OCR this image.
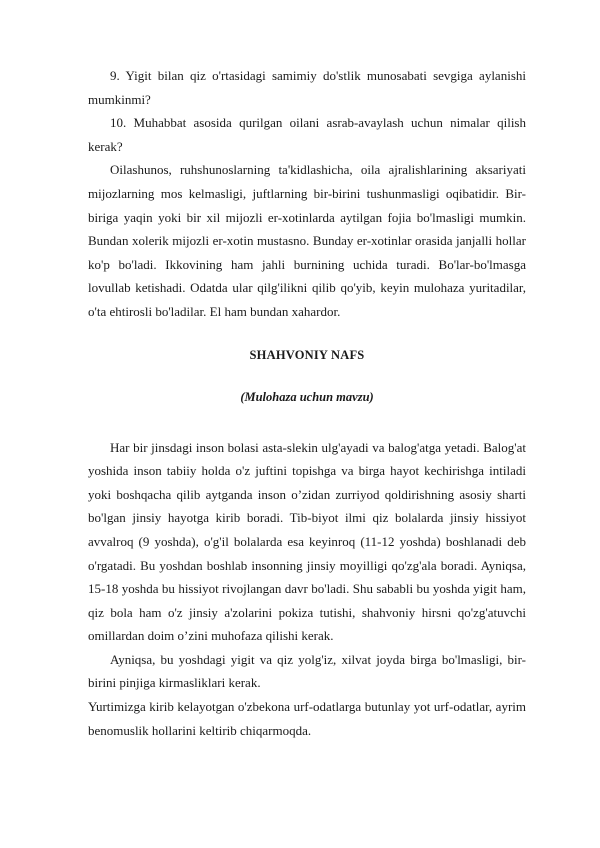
9. Yigit bilan qiz o'rtasidagi samimiy do'stlik munosabati sevgiga aylanishi mumkinmi?

10. Muhabbat asosida qurilgan oilani asrab-avaylash uchun nimalar qilish kerak?

Oilashunos, ruhshunoslarning ta'kidlashicha, oila ajralishlarining aksariyati mijozlarning mos kelmasligi, juftlarning bir-birini tushunmasligi oqibatidir. Bir-biriga yaqin yoki bir xil mijozli er-xotinlarda aytilgan fojia bo'lmasligi mumkin. Bundan xolerik mijozli er-xotin mustasno. Bunday er-xotinlar orasida janjalli hollar ko'p bo'ladi. Ikkovining ham jahli burnining uchida turadi. Bo'lar-bo'lmasga lovullab ketishadi. Odatda ular qilg'ilikni qilib qo'yib, keyin mulohaza yuritadilar, o'ta ehtirosli bo'ladilar. El ham bundan xahardor.

SHAHVONIY NAFS
(Mulohaza uchun mavzu)

Har bir jinsdagi inson bolasi asta-slekin ulg'ayadi va balog'atga yetadi. Balog'at yoshida inson tabiiy holda o'z juftini topishga va birga hayot kechirishga intiladi yoki boshqacha qilib aytganda inson o’zidan zurriyod qoldirishning asosiy sharti bo'lgan jinsiy hayotga kirib boradi. Tib-biyot ilmi qiz bolalarda jinsiy hissiyot avvalroq (9 yoshda), o'g'il bolalarda esa keyinroq (11-12 yoshda) boshlanadi deb o'rgatadi. Bu yoshdan boshlab insonning jinsiy moyilligi qo'zg'ala boradi. Ayniqsa, 15-18 yoshda bu hissiyot rivojlangan davr bo'ladi. Shu sababli bu yoshda yigit ham, qiz bola ham o'z jinsiy a'zolarini pokiza tutishi, shahvoniy hirsni qo'zg'atuvchi omillardan doim o’zini muhofaza qilishi kerak.

Ayniqsa, bu yoshdagi yigit va qiz yolg'iz, xilvat joyda birga bo'lmasligi, bir-birini pinjiga kirmasliklari kerak.

Yurtimizga kirib kelayotgan o'zbekona urf-odatlarga butunlay yot urf-odatlar, ayrim benomuslik hollarini keltirib chiqarmoqda.
